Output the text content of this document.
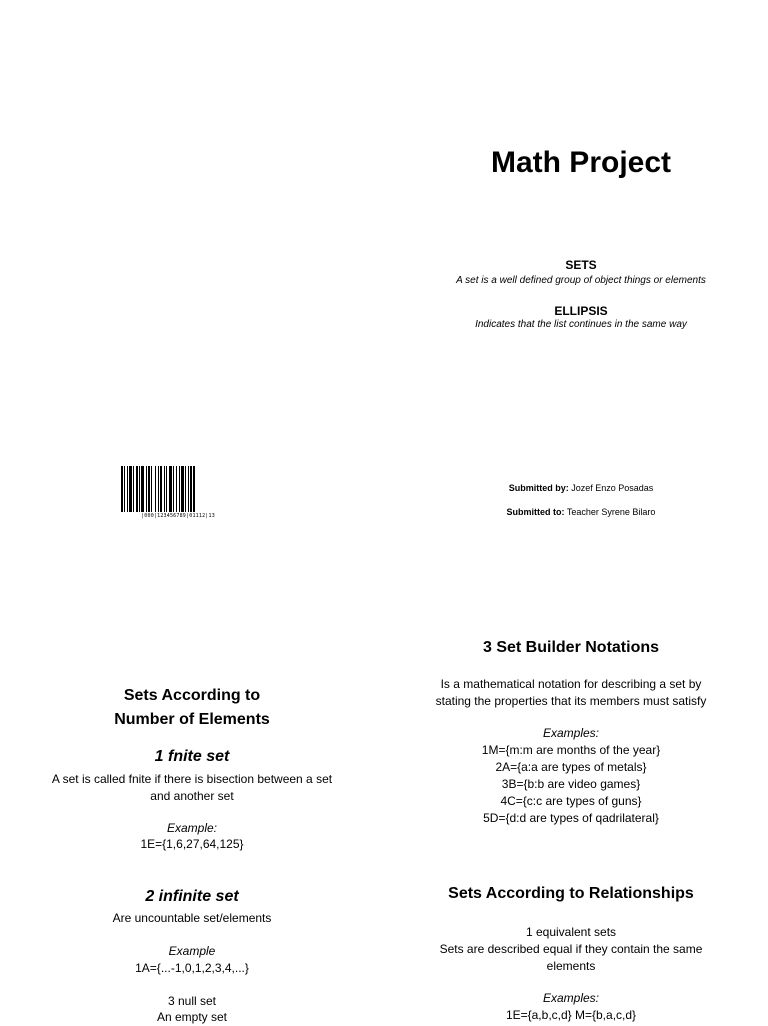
Math Project
SETS
A set is a well defined group of object things or elements
ELLIPSIS
Indicates that the list continues in the same way
|000|123456789|01112|13
Submitted by: Jozef Enzo Posadas
Submitted to: Teacher Syrene Bilaro
Sets According to
Number of Elements
1 fnite set
A set is called fnite if there is bisection between a set
and another set
Example:
1E={1,6,27,64,125}
2 infinite set
Are uncountable set/elements
Example
1A={...-1,0,1,2,3,4,...}
3 null set
An empty set
3 Set Builder Notations
Is a mathematical notation for describing a set by
stating the properties that its members must satisfy
Examples:
1M={m:m are months of the year}
2A={a:a are types of metals}
3B={b:b are video games}
4C={c:c are types of guns}
5D={d:d are types of qadrilateral}
Sets According to Relationships
1 equivalent sets
Sets are described equal if they contain the same
elements
Examples:
1E={a,b,c,d} M={b,a,c,d}
